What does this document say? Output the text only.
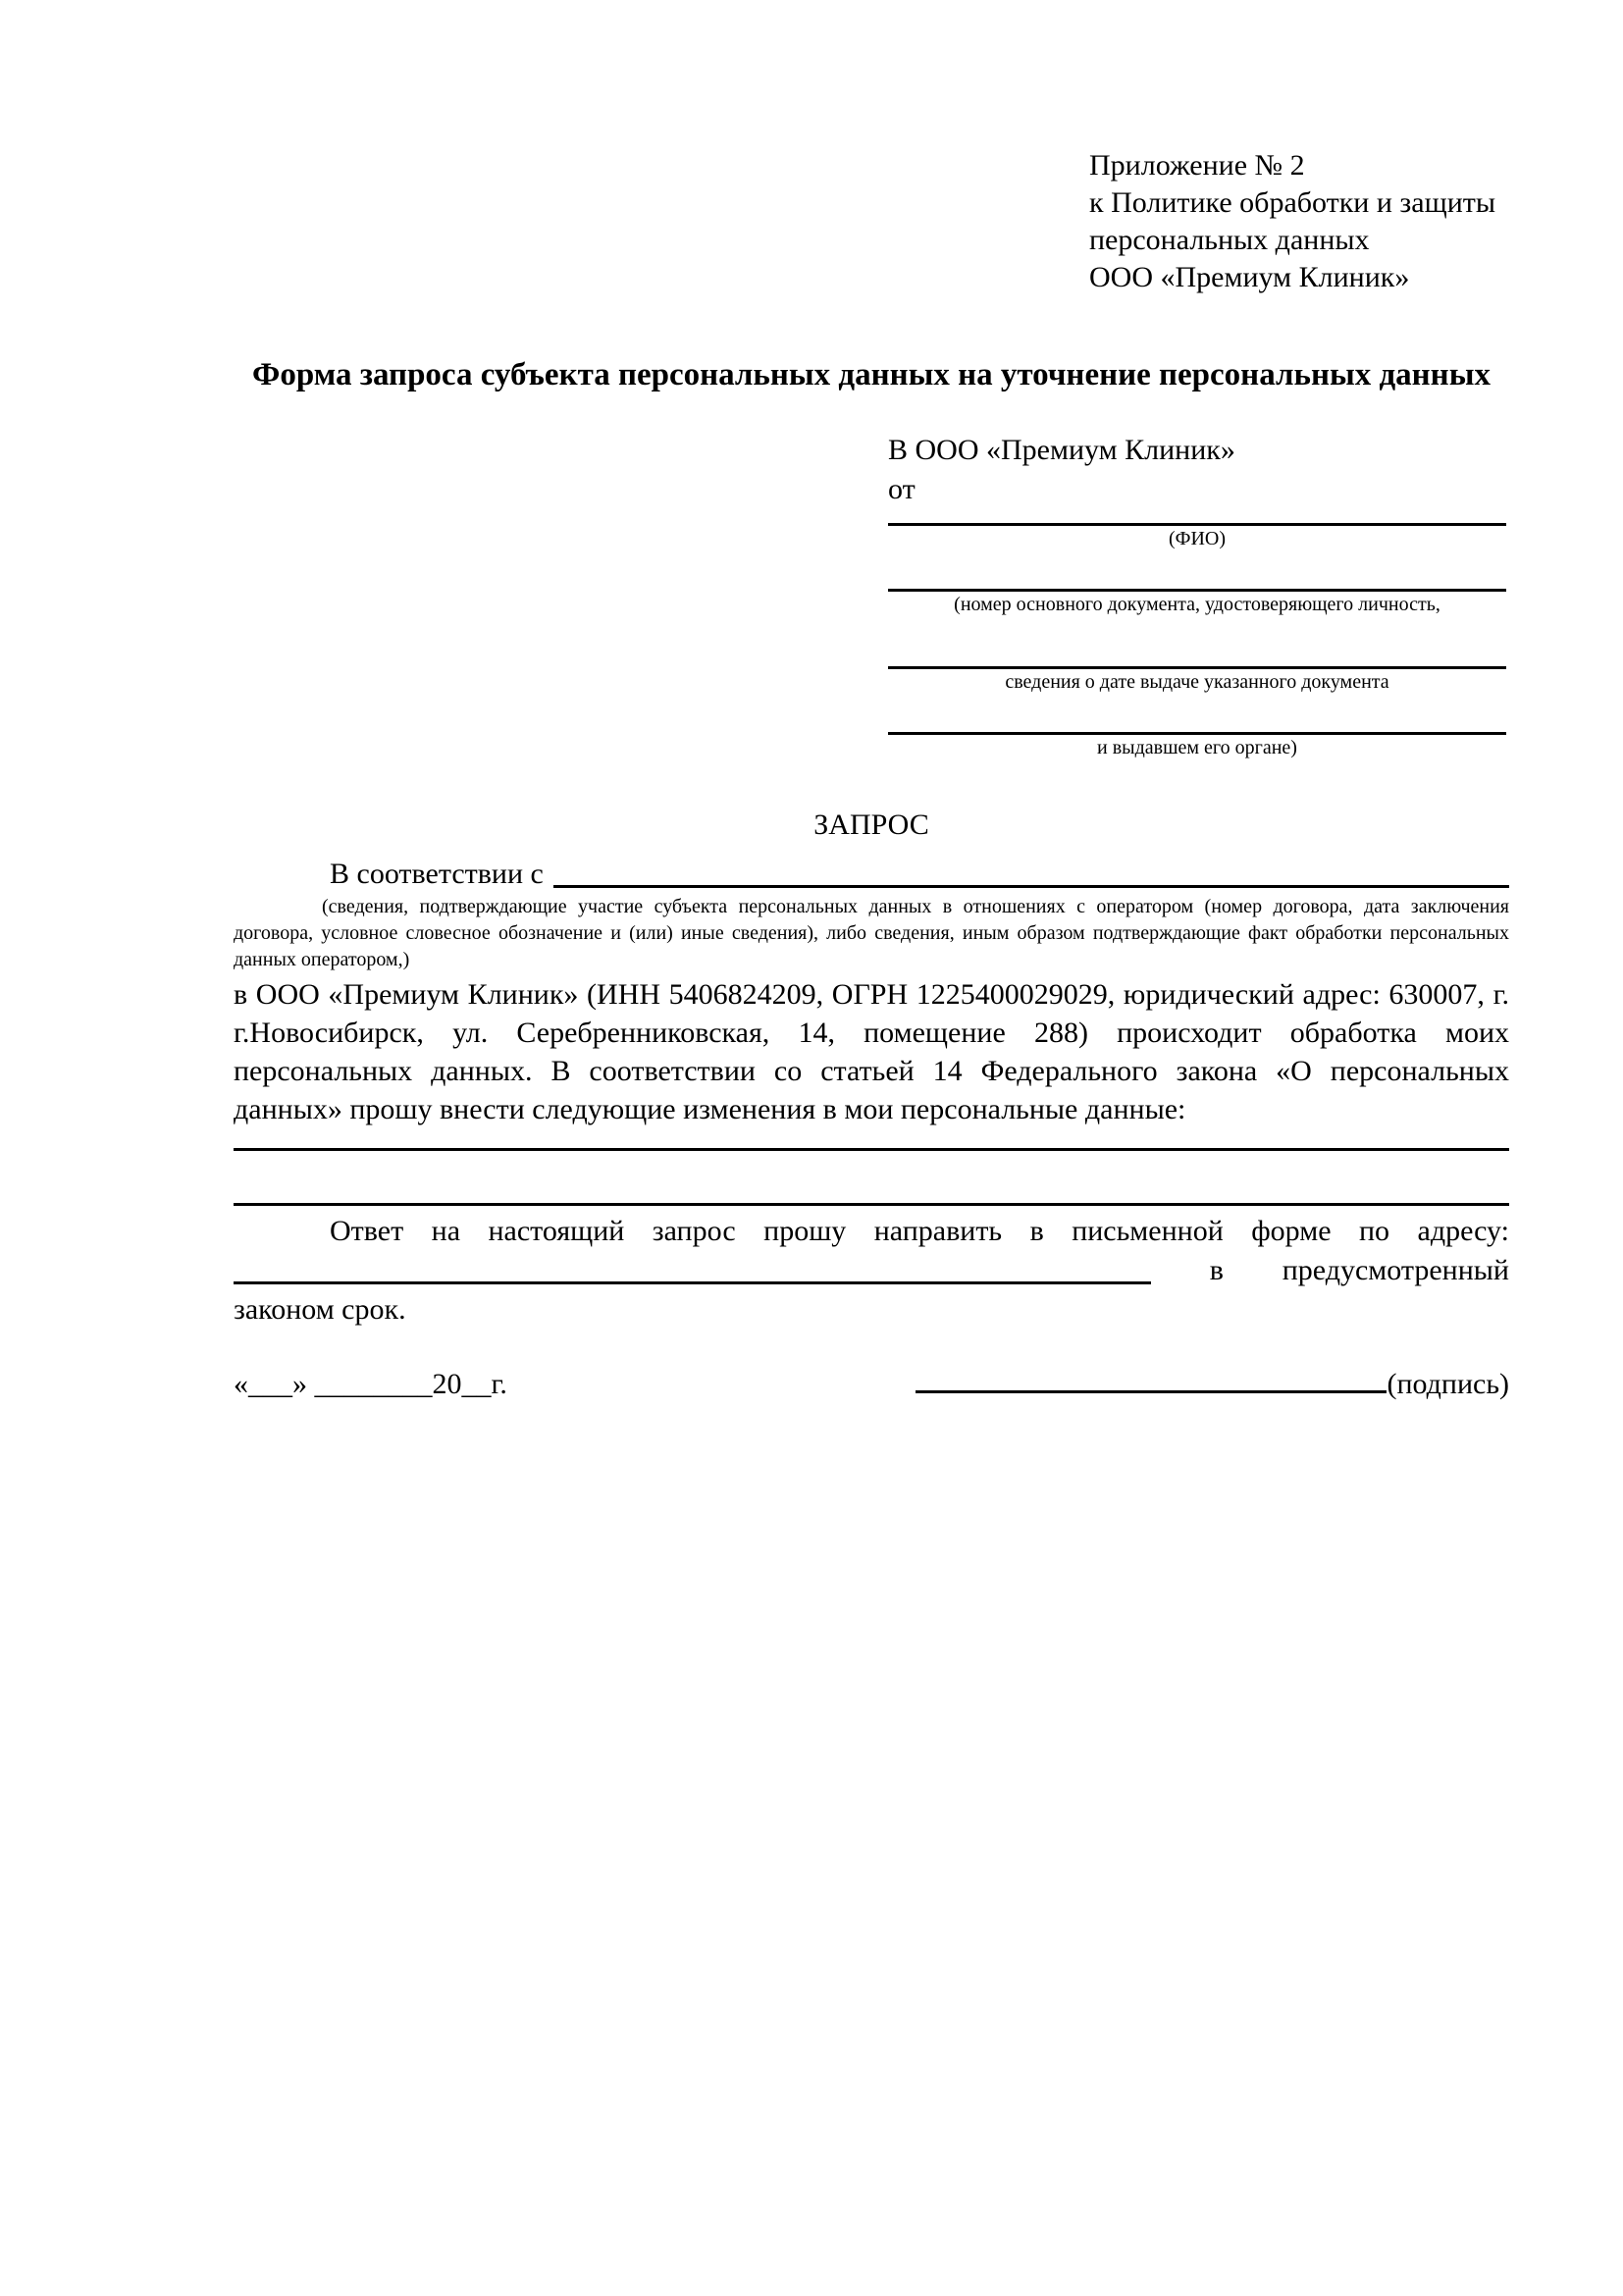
Приложение № 2
к Политике обработки и защиты
персональных данных
ООО «Премиум Клиник»
Форма запроса субъекта персональных данных на уточнение персональных данных
В ООО «Премиум Клиник»
от
(ФИО)
(номер основного документа, удостоверяющего личность,
сведения о дате выдаче указанного документа
и выдавшем его органе)
ЗАПРОС
В соответствии с
(сведения, подтверждающие участие субъекта персональных данных в отношениях с оператором (номер договора, дата заключения договора, условное словесное обозначение и (или) иные сведения), либо сведения, иным образом подтверждающие факт обработки персональных данных оператором,)

в ООО «Премиум Клиник» (ИНН 5406824209, ОГРН 1225400029029, юридический адрес: 630007, г. г.Новосибирск, ул. Серебренниковская, 14, помещение 288) происходит обработка моих персональных данных. В соответствии со статьей 14 Федерального закона «О персональных данных» прошу внести следующие изменения в мои персональные данные:

Ответ на настоящий запрос прошу направить в письменной форме по адресу:
в	предусмотренный
законом срок.
«___» ________20__г.	(подпись)
